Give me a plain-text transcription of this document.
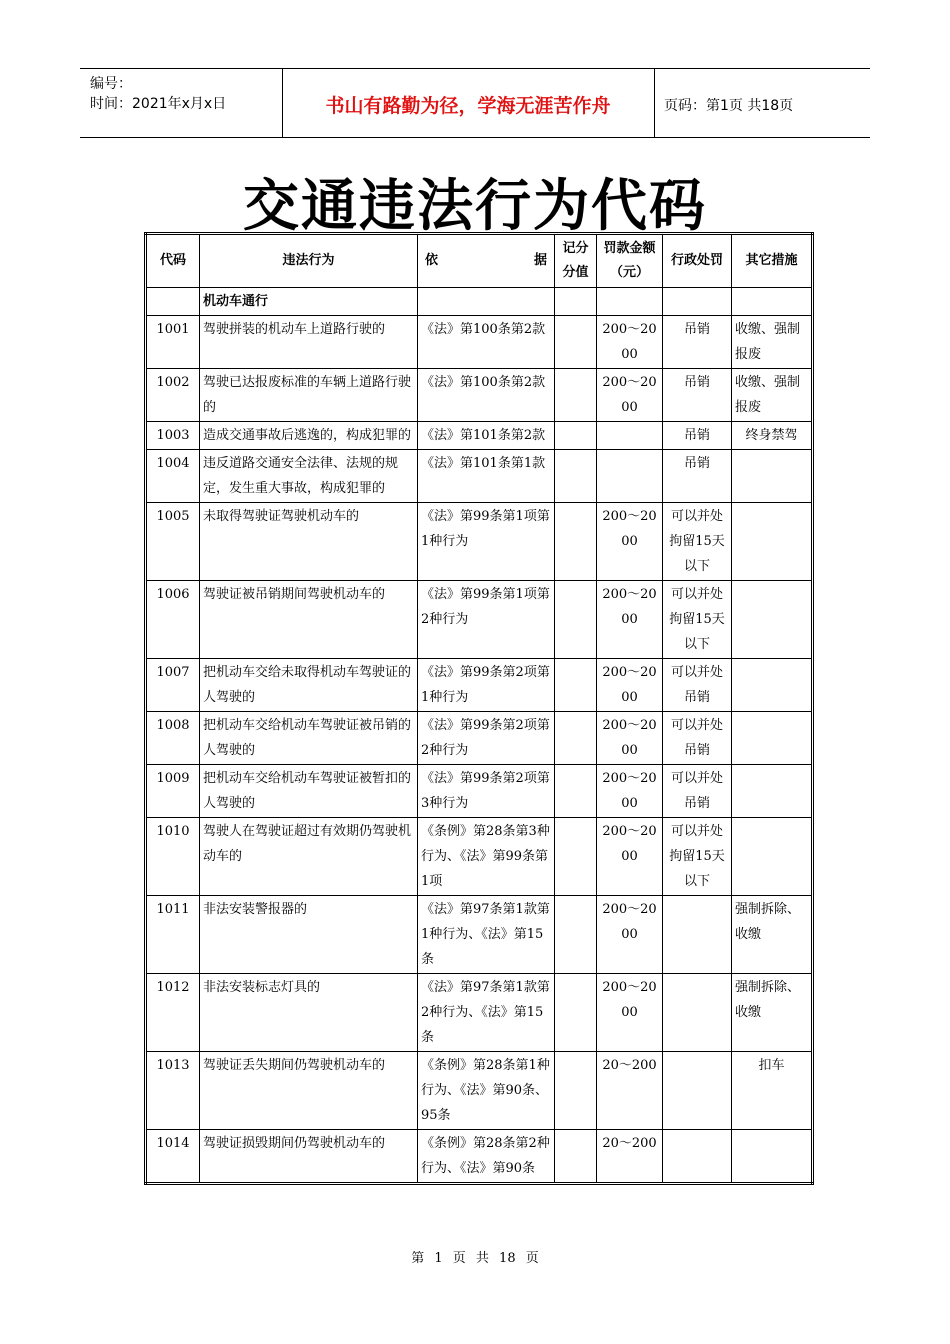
编号：
时间：2021年x月x日	书山有路勤为径，学海无涯苦作舟	页码：第1页 共18页
交通违法行为代码
代码	违法行为	依 据	记分分值	罚款金额（元）	行政处罚	其它措施
	机动车通行					
1001	驾驶拼装的机动车上道路行驶的	《法》第100条第2款		200～2000	吊销	收缴、强制报废
1002	驾驶已达报废标准的车辆上道路行驶的	《法》第100条第2款		200～2000	吊销	收缴、强制报废
1003	造成交通事故后逃逸的，构成犯罪的	《法》第101条第2款			吊销	终身禁驾
1004	违反道路交通安全法律、法规的规定，发生重大事故，构成犯罪的	《法》第101条第1款			吊销	
1005	未取得驾驶证驾驶机动车的	《法》第99条第1项第1种行为		200～2000	可以并处拘留15天以下	
1006	驾驶证被吊销期间驾驶机动车的	《法》第99条第1项第2种行为		200～2000	可以并处拘留15天以下	
1007	把机动车交给未取得机动车驾驶证的人驾驶的	《法》第99条第2项第1种行为		200～2000	可以并处吊销	
1008	把机动车交给机动车驾驶证被吊销的人驾驶的	《法》第99条第2项第2种行为		200～2000	可以并处吊销	
1009	把机动车交给机动车驾驶证被暂扣的人驾驶的	《法》第99条第2项第3种行为		200～2000	可以并处吊销	
1010	驾驶人在驾驶证超过有效期仍驾驶机动车的	《条例》第28条第3种行为、《法》第99条第1项		200～2000	可以并处拘留15天以下	
1011	非法安装警报器的	《法》第97条第1款第1种行为、《法》第15条		200～2000		强制拆除、收缴
1012	非法安装标志灯具的	《法》第97条第1款第2种行为、《法》第15条		200～2000		强制拆除、收缴
1013	驾驶证丢失期间仍驾驶机动车的	《条例》第28条第1种行为、《法》第90条、95条		20～200		扣车
1014	驾驶证损毁期间仍驾驶机动车的	《条例》第28条第2种行为、《法》第90条		20～200		
第 1 页 共 18 页
